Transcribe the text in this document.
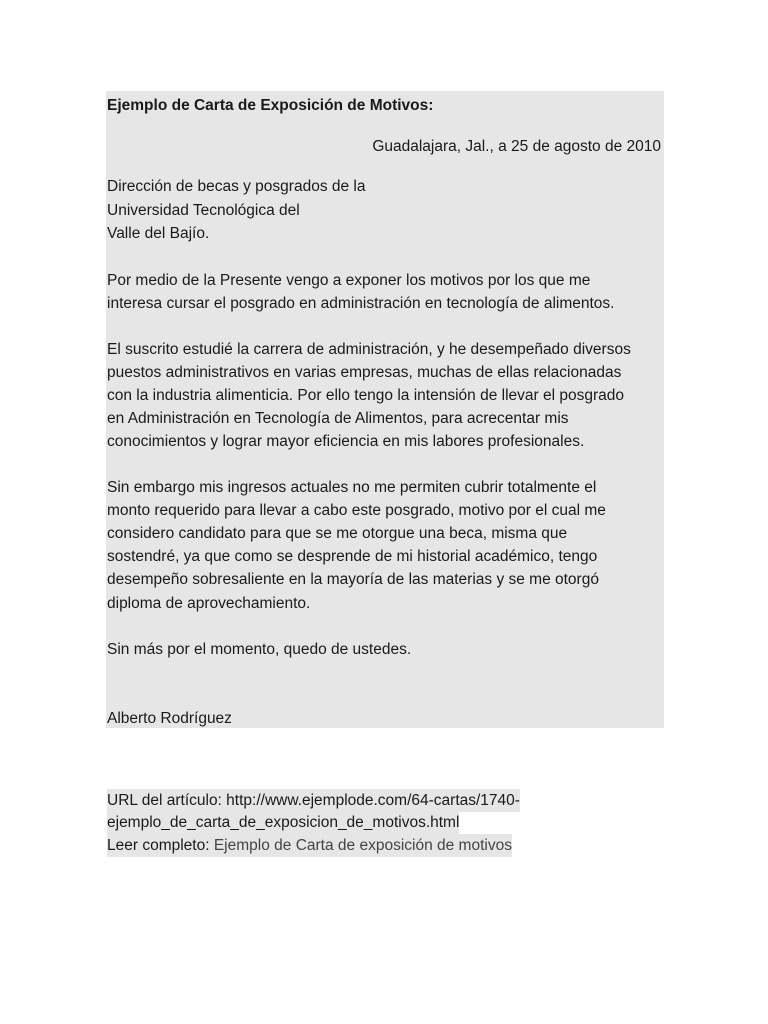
Ejemplo de Carta de Exposición de Motivos:
Guadalajara, Jal., a 25 de agosto de 2010
Dirección de becas y posgrados de la
Universidad Tecnológica del
Valle del Bajío.
Por medio de la Presente vengo a exponer los motivos por los que me
interesa cursar el posgrado en administración en tecnología de alimentos.
El suscrito estudié la carrera de administración, y he desempeñado diversos
puestos administrativos en varias empresas, muchas de ellas relacionadas
con la industria alimenticia. Por ello tengo la intensión de llevar el posgrado
en Administración en Tecnología de Alimentos, para acrecentar mis
conocimientos y lograr mayor eficiencia en mis labores profesionales.
Sin embargo mis ingresos actuales no me permiten cubrir totalmente el
monto requerido para llevar a cabo este posgrado, motivo por el cual me
considero candidato para que se me otorgue una beca, misma que
sostendré, ya que como se desprende de mi historial académico, tengo
desempeño sobresaliente en la mayoría de las materias y se me otorgó
diploma de aprovechamiento.
Sin más por el momento, quedo de ustedes.
Alberto Rodríguez
URL del artículo: http://www.ejemplode.com/64-cartas/1740-
ejemplo_de_carta_de_exposicion_de_motivos.html
Leer completo: Ejemplo de Carta de exposición de motivos
